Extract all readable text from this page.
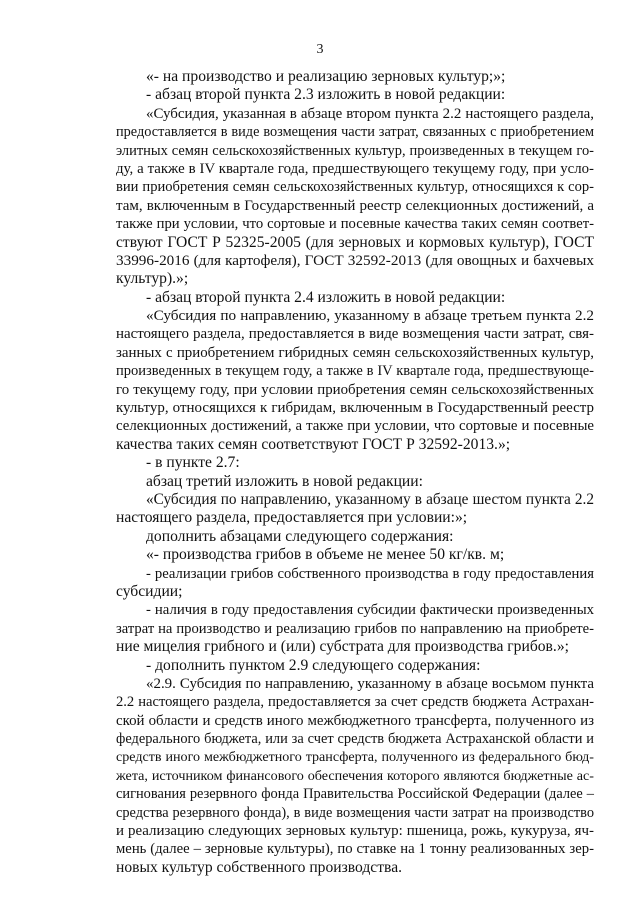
3
«- на производство и реализацию зерновых культур;»;
- абзац второй пункта 2.3 изложить в новой редакции:
«Субсидия, указанная в абзаце втором пункта 2.2 настоящего раздела,
предоставляется в виде возмещения части затрат, связанных с приобретением
элитных семян сельскохозяйственных культур, произведенных в текущем го-
ду, а также в IV квартале года, предшествующего текущему году, при усло-
вии приобретения семян сельскохозяйственных культур, относящихся к сор-
там, включенным в Государственный реестр селекционных достижений, а
также при условии, что сортовые и посевные качества таких семян соответ-
ствуют ГОСТ Р 52325-2005 (для зерновых и кормовых культур), ГОСТ
33996-2016 (для картофеля), ГОСТ 32592-2013 (для овощных и бахчевых
культур).»;
- абзац второй пункта 2.4 изложить в новой редакции:
«Субсидия по направлению, указанному в абзаце третьем пункта 2.2
настоящего раздела, предоставляется в виде возмещения части затрат, свя-
занных с приобретением гибридных семян сельскохозяйственных культур,
произведенных в текущем году, а также в IV квартале года, предшествующе-
го текущему году, при условии приобретения семян сельскохозяйственных
культур, относящихся к гибридам, включенным в Государственный реестр
селекционных достижений, а также при условии, что сортовые и посевные
качества таких семян соответствуют ГОСТ Р 32592-2013.»;
- в пункте 2.7:
абзац третий изложить в новой редакции:
«Субсидия по направлению, указанному в абзаце шестом пункта 2.2
настоящего раздела, предоставляется при условии:»;
дополнить абзацами следующего содержания:
«- производства грибов в объеме не менее 50 кг/кв. м;
- реализации грибов собственного производства в году предоставления
субсидии;
- наличия в году предоставления субсидии фактически произведенных
затрат на производство и реализацию грибов по направлению на приобрете-
ние мицелия грибного и (или) субстрата для производства грибов.»;
- дополнить пунктом 2.9 следующего содержания:
«2.9. Субсидия по направлению, указанному в абзаце восьмом пункта
2.2 настоящего раздела, предоставляется за счет средств бюджета Астрахан-
ской области и средств иного межбюджетного трансферта, полученного из
федерального бюджета, или за счет средств бюджета Астраханской области и
средств иного межбюджетного трансферта, полученного из федерального бюд-
жета, источником финансового обеспечения которого являются бюджетные ас-
сигнования резервного фонда Правительства Российской Федерации (далее –
средства резервного фонда), в виде возмещения части затрат на производство
и реализацию следующих зерновых культур: пшеница, рожь, кукуруза, яч-
мень (далее – зерновые культуры), по ставке на 1 тонну реализованных зер-
новых культур собственного производства.
